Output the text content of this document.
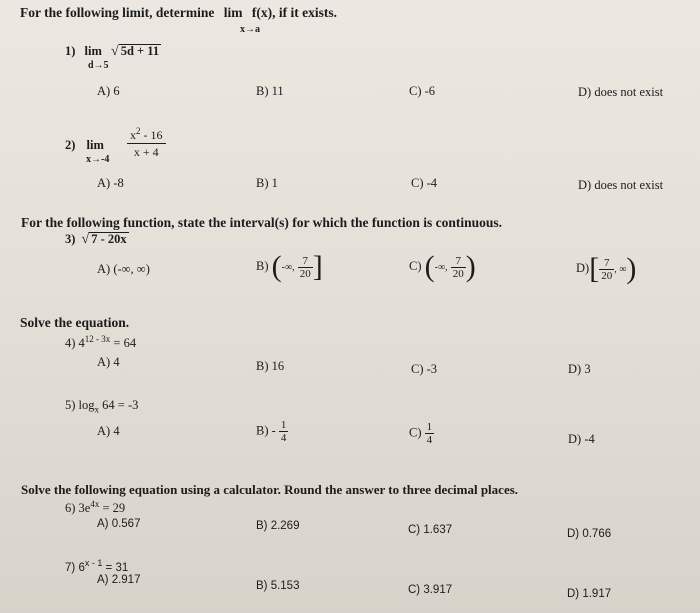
For the following limit, determine lim f(x), if it exists.
x→a
1) lim √ 5d + 11
d→5
A) 6	B) 11	C) -6	D) does not exist
2) lim
$x\to-4 \frac{x^2 - 16}{x + 4}$
A) -8	B) 1	C) -4	D) does not exist
For the following function, state the interval(s) for which the function is continuous.
3) √ 7 - 20x
A) (-∞, ∞)	B) (-∞, $\frac{7}{20}$ ]	C) (-∞, $\frac{7}{20}$ )	$D)[ \frac{7}{20}$ , ∞)
Solve the equation.
4) $4^{12 - 3x} = 64$
A) 4	B) 16	C) -3	D) 3
5) $\log_x 64 = -3$
A) 4	$B) - \frac{1}{4}$	$C) \frac{1}{4}$	D) -4
Solve the following equation using a calculator. Round the answer to three decimal places.
6) $3e^{4x} = 29$
A) 0.567	B) 2.269	C) 1.637	D) 0.766
7) $6^{x - 1} = 31$
A) 2.917	B) 5.153	C) 3.917	D) 1.917
